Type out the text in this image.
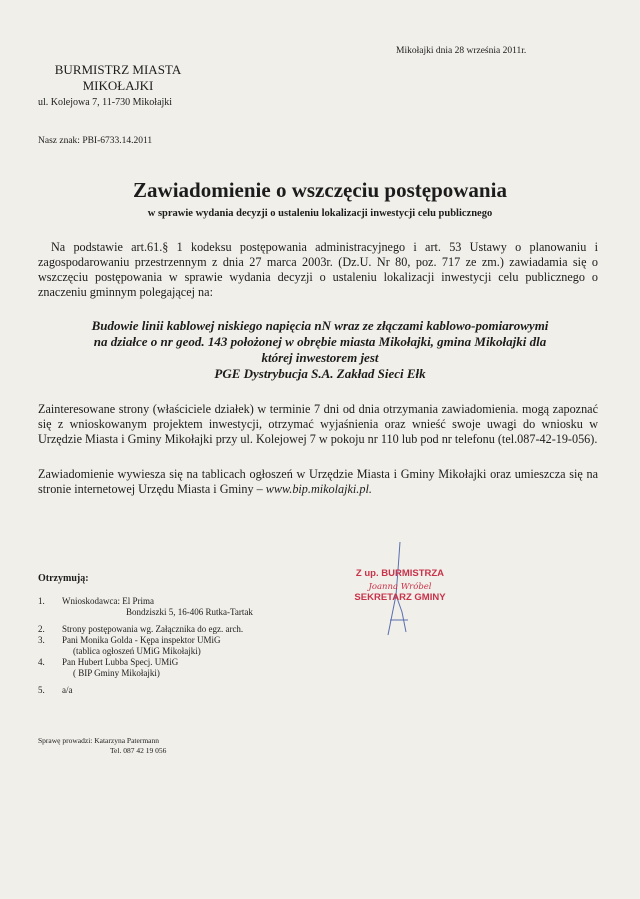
Mikołajki dnia 28 września 2011r.
BURMISTRZ MIASTA
MIKOŁAJKI
ul. Kolejowa 7, 11-730 Mikołajki
Nasz znak: PBI-6733.14.2011
Zawiadomienie o wszczęciu postępowania
w sprawie wydania decyzji o ustaleniu lokalizacji inwestycji celu publicznego
Na podstawie art.61.§ 1 kodeksu postępowania administracyjnego i art. 53 Ustawy o planowaniu i zagospodarowaniu przestrzennym z dnia 27 marca 2003r. (Dz.U. Nr 80, poz. 717 ze zm.) zawiadamia się o wszczęciu postępowania w sprawie wydania decyzji o ustaleniu lokalizacji inwestycji celu publicznego o znaczeniu gminnym polegającej na:
Budowie linii kablowej niskiego napięcia nN wraz ze złączami kablowo-pomiarowymi
na działce o nr geod. 143 położonej w obrębie miasta Mikołajki, gmina Mikołajki dla
której inwestorem jest
PGE Dystrybucja S.A. Zakład Sieci Ełk
Zainteresowane strony (właściciele działek) w terminie 7 dni od dnia otrzymania zawiadomienia. mogą zapoznać się z wnioskowanym projektem inwestycji, otrzymać wyjaśnienia oraz wnieść swoje uwagi do wniosku w Urzędzie Miasta i Gminy Mikołajki przy ul. Kolejowej 7 w pokoju nr 110 lub pod nr telefonu (tel.087-42-19-056).
Zawiadomienie wywiesza się na tablicach ogłoszeń w Urzędzie Miasta i Gminy Mikołajki oraz umieszcza się na stronie internetowej Urzędu Miasta i Gminy – www.bip.mikolajki.pl.
Z up. BURMISTRZA
Joanna Wróbel
SEKRETARZ GMINY
Otrzymują:
1.	Wnioskodawca: El Prima
Bondziszki 5, 16-406 Rutka-Tartak
2.	Strony postępowania wg. Załącznika do egz. arch.
3.	Pani Monika Golda - Kępa inspektor UMiG
(tablica ogłoszeń UMiG Mikołajki)
4.	Pan Hubert Lubba Specj. UMiG
( BIP Gminy Mikołajki)
5.	a/a
Sprawę prowadzi: Katarzyna Patermann
Tel. 087 42 19 056
